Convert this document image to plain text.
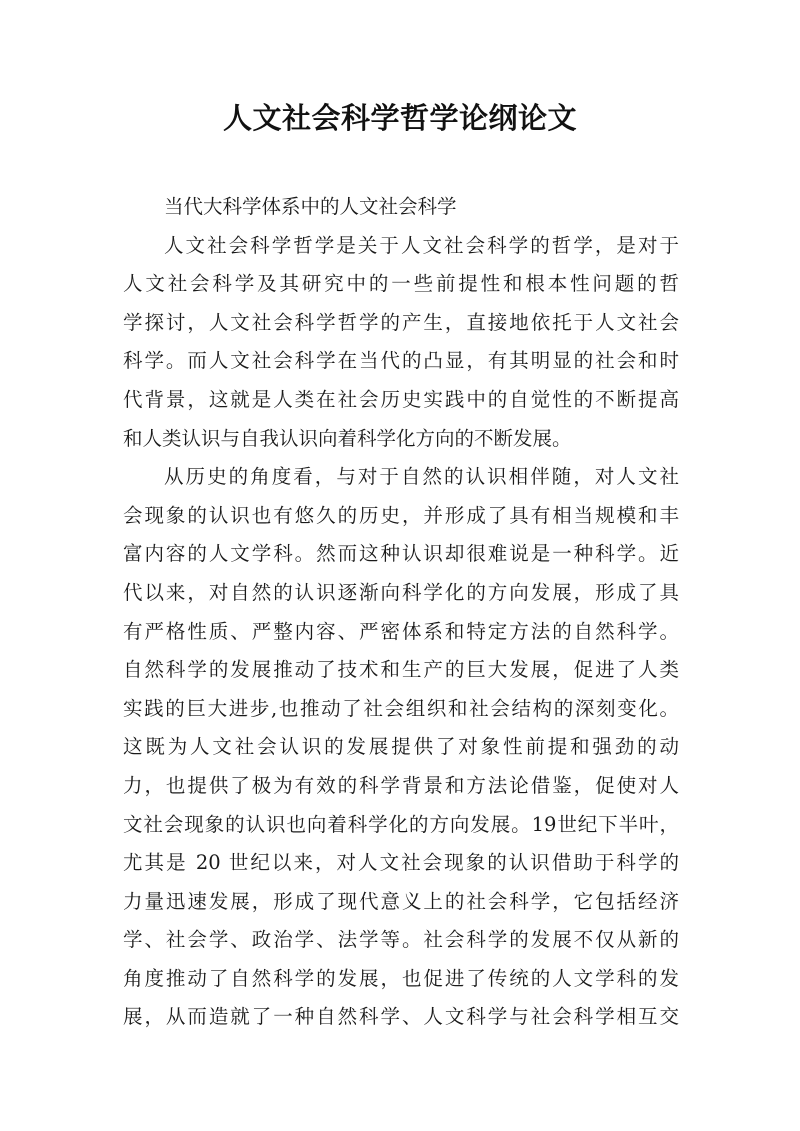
人文社会科学哲学论纲论文
当代大科学体系中的人文社会科学
人文社会科学哲学是关于人文社会科学的哲学，是对于
人文社会科学及其研究中的一些前提性和根本性问题的哲
学探讨，人文社会科学哲学的产生，直接地依托于人文社会
科学。而人文社会科学在当代的凸显，有其明显的社会和时
代背景，这就是人类在社会历史实践中的自觉性的不断提高
和人类认识与自我认识向着科学化方向的不断发展。
从历史的角度看，与对于自然的认识相伴随，对人文社
会现象的认识也有悠久的历史，并形成了具有相当规模和丰
富内容的人文学科。然而这种认识却很难说是一种科学。近
代以来，对自然的认识逐渐向科学化的方向发展，形成了具
有严格性质、严整内容、严密体系和特定方法的自然科学。
自然科学的发展推动了技术和生产的巨大发展，促进了人类
实践的巨大进步,也推动了社会组织和社会结构的深刻变化。
这既为人文社会认识的发展提供了对象性前提和强劲的动
力，也提供了极为有效的科学背景和方法论借鉴，促使对人
文社会现象的认识也向着科学化的方向发展。19世纪下半叶，
尤其是 20 世纪以来，对人文社会现象的认识借助于科学的
力量迅速发展，形成了现代意义上的社会科学，它包括经济
学、社会学、政治学、法学等。社会科学的发展不仅从新的
角度推动了自然科学的发展，也促进了传统的人文学科的发
展，从而造就了一种自然科学、人文科学与社会科学相互交
